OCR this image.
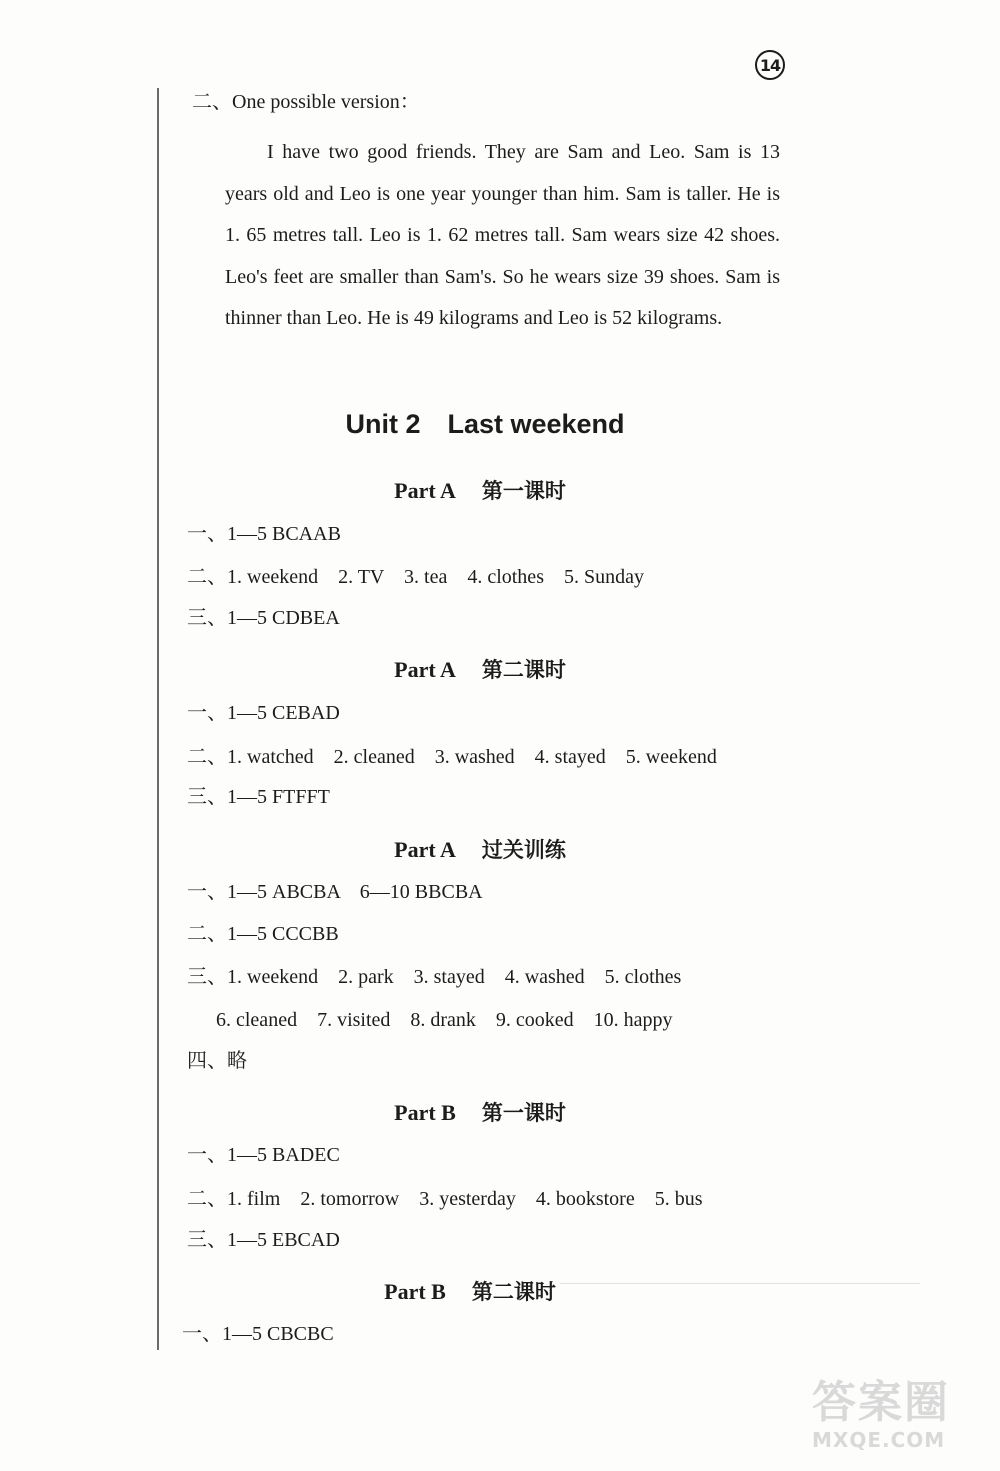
14
二、One possible version：

I have two good friends. They are Sam and Leo. Sam is 13 years old and Leo is one year younger than him. Sam is taller. He is 1. 65 metres tall. Leo is 1. 62 metres tall. Sam wears size 42 shoes. Leo's feet are smaller than Sam's. So he wears size 39 shoes. Sam is thinner than Leo. He is 49 kilograms and Leo is 52 kilograms.

Unit 2　Last weekend
Part A 第一课时
一、1—5 BCAAB
二、1. weekend　2. TV　3. tea　4. clothes　5. Sunday
三、1—5 CDBEA
Part A 第二课时
一、1—5 CEBAD
二、1. watched　2. cleaned　3. washed　4. stayed　5. weekend
三、1—5 FTFFT
Part A 过关训练
一、1—5 ABCBA　6—10 BBCBA
二、1—5 CCCBB
三、1. weekend　2. park　3. stayed　4. washed　5. clothes
6. cleaned　7. visited　8. drank　9. cooked　10. happy
四、略
Part B 第一课时
一、1—5 BADEC
二、1. film　2. tomorrow　3. yesterday　4. bookstore　5. bus
三、1—5 EBCAD
Part B 第二课时
一、1—5 CBCBC
答案圈
MXQE.COM
